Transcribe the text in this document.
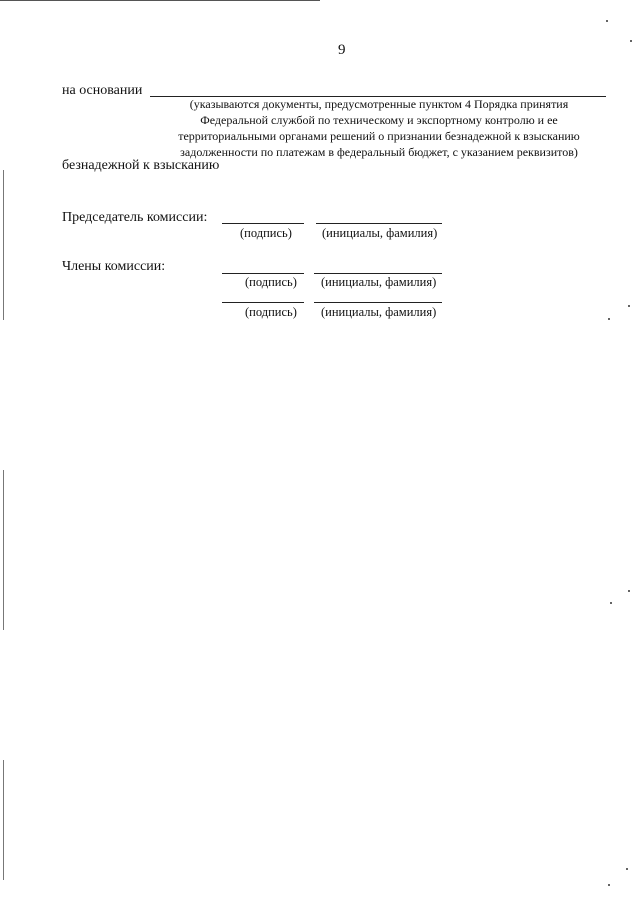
9
на основании
(указываются документы, предусмотренные пунктом 4 Порядка принятия
Федеральной службой по техническому и экспортному контролю и ее
территориальными органами решений о признании безнадежной к взысканию
задолженности по платежам в федеральный бюджет, с указанием реквизитов)
безнадежной к взысканию
Председатель комиссии:
(подпись) (инициалы, фамилия)
Члены комиссии:
(подпись) (инициалы, фамилия)
(подпись) (инициалы, фамилия)
